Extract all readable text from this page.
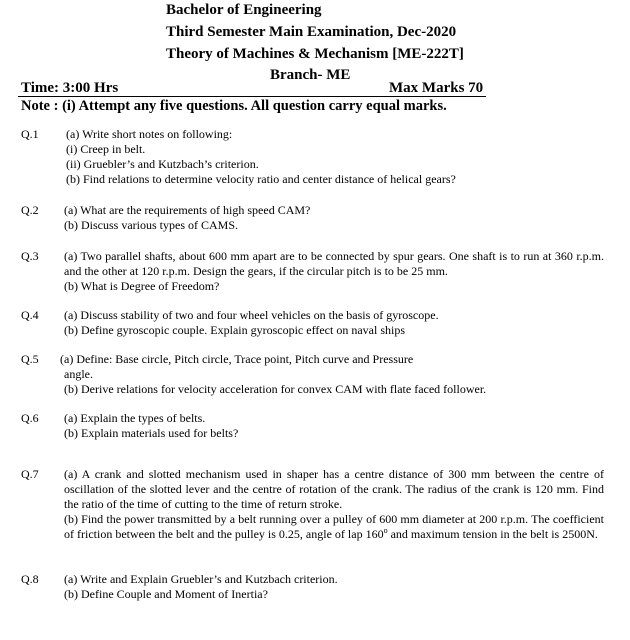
Bachelor of Engineering
Third Semester Main Examination, Dec-2020
Theory of Machines & Mechanism [ME-222T]
Branch- ME
Time: 3:00 Hrs	Max Marks 70
Note : (i) Attempt any five questions. All question carry equal marks.
Q.1 (a) Write short notes on following:
(i) Creep in belt.
(ii) Gruebler’s and Kutzbach’s criterion.
(b) Find relations to determine velocity ratio and center distance of helical gears?
Q.2 (a) What are the requirements of high speed CAM?
(b) Discuss various types of CAMS.
Q.3 (a) Two parallel shafts, about 600 mm apart are to be connected by spur gears. One shaft is to run at 360 r.p.m. and the other at 120 r.p.m. Design the gears, if the circular pitch is to be 25 mm.
(b) What is Degree of Freedom?
Q.4 (a) Discuss stability of two and four wheel vehicles on the basis of gyroscope.
(b) Define gyroscopic couple. Explain gyroscopic effect on naval ships
Q.5 (a) Define: Base circle, Pitch circle, Trace point, Pitch curve and Pressure
angle.
(b) Derive relations for velocity acceleration for convex CAM with flate faced follower.
Q.6 (a) Explain the types of belts.
(b) Explain materials used for belts?
Q.7 (a) A crank and slotted mechanism used in shaper has a centre distance of 300 mm between the centre of oscillation of the slotted lever and the centre of rotation of the crank. The radius of the crank is 120 mm. Find the ratio of the time of cutting to the time of return stroke.
(b) Find the power transmitted by a belt running over a pulley of 600 mm diameter at 200 r.p.m. The coefficient of friction between the belt and the pulley is 0.25, angle of lap 160$^o$ and maximum tension in the belt is 2500N.
Q.8 (a) Write and Explain Gruebler’s and Kutzbach criterion.
(b) Define Couple and Moment of Inertia?
